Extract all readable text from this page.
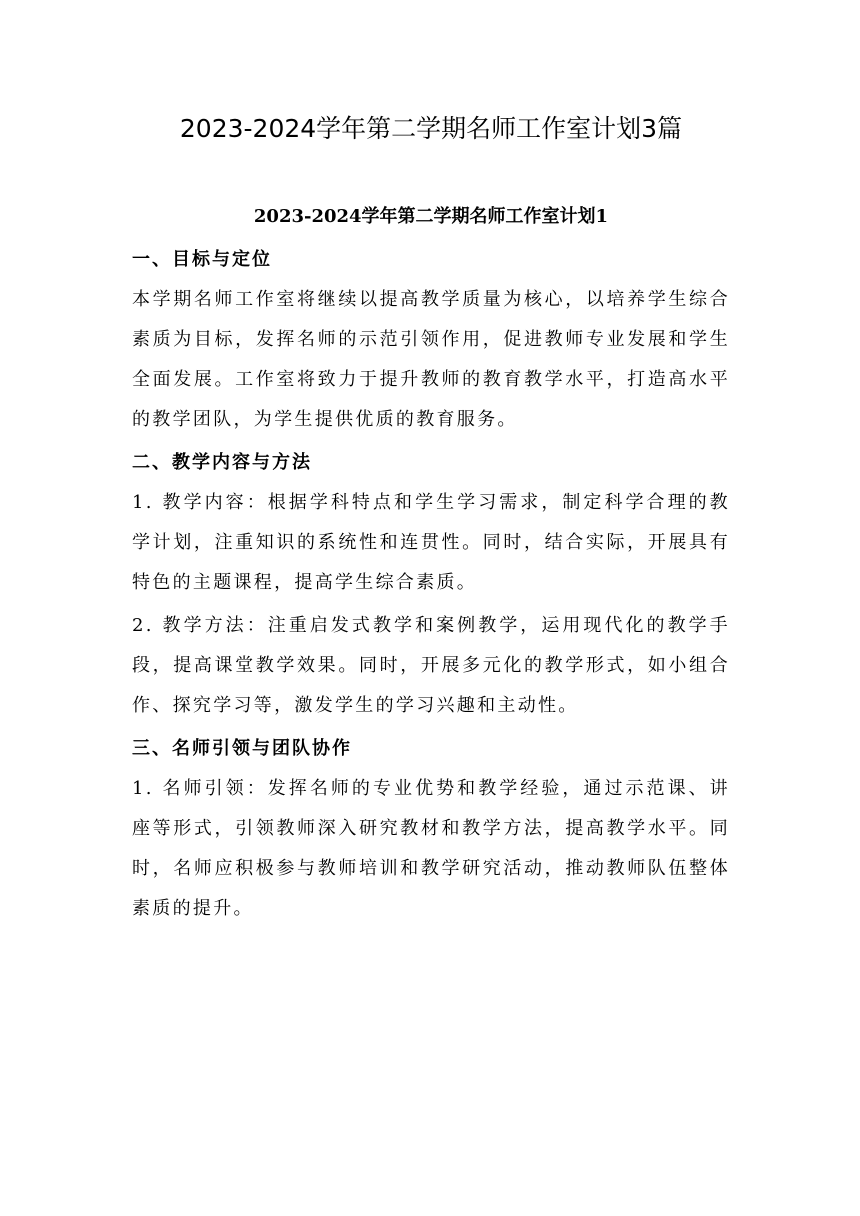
2023-2024学年第二学期名师工作室计划3篇
2023-2024学年第二学期名师工作室计划1
一、目标与定位

本学期名师工作室将继续以提高教学质量为核心，以培养学生综合素质为目标，发挥名师的示范引领作用，促进教师专业发展和学生全面发展。工作室将致力于提升教师的教育教学水平，打造高水平的教学团队，为学生提供优质的教育服务。

二、教学内容与方法

1. 教学内容：根据学科特点和学生学习需求，制定科学合理的教学计划，注重知识的系统性和连贯性。同时，结合实际，开展具有特色的主题课程，提高学生综合素质。

2. 教学方法：注重启发式教学和案例教学，运用现代化的教学手段，提高课堂教学效果。同时，开展多元化的教学形式，如小组合作、探究学习等，激发学生的学习兴趣和主动性。

三、名师引领与团队协作

1. 名师引领：发挥名师的专业优势和教学经验，通过示范课、讲座等形式，引领教师深入研究教材和教学方法，提高教学水平。同时，名师应积极参与教师培训和教学研究活动，推动教师队伍整体素质的提升。
